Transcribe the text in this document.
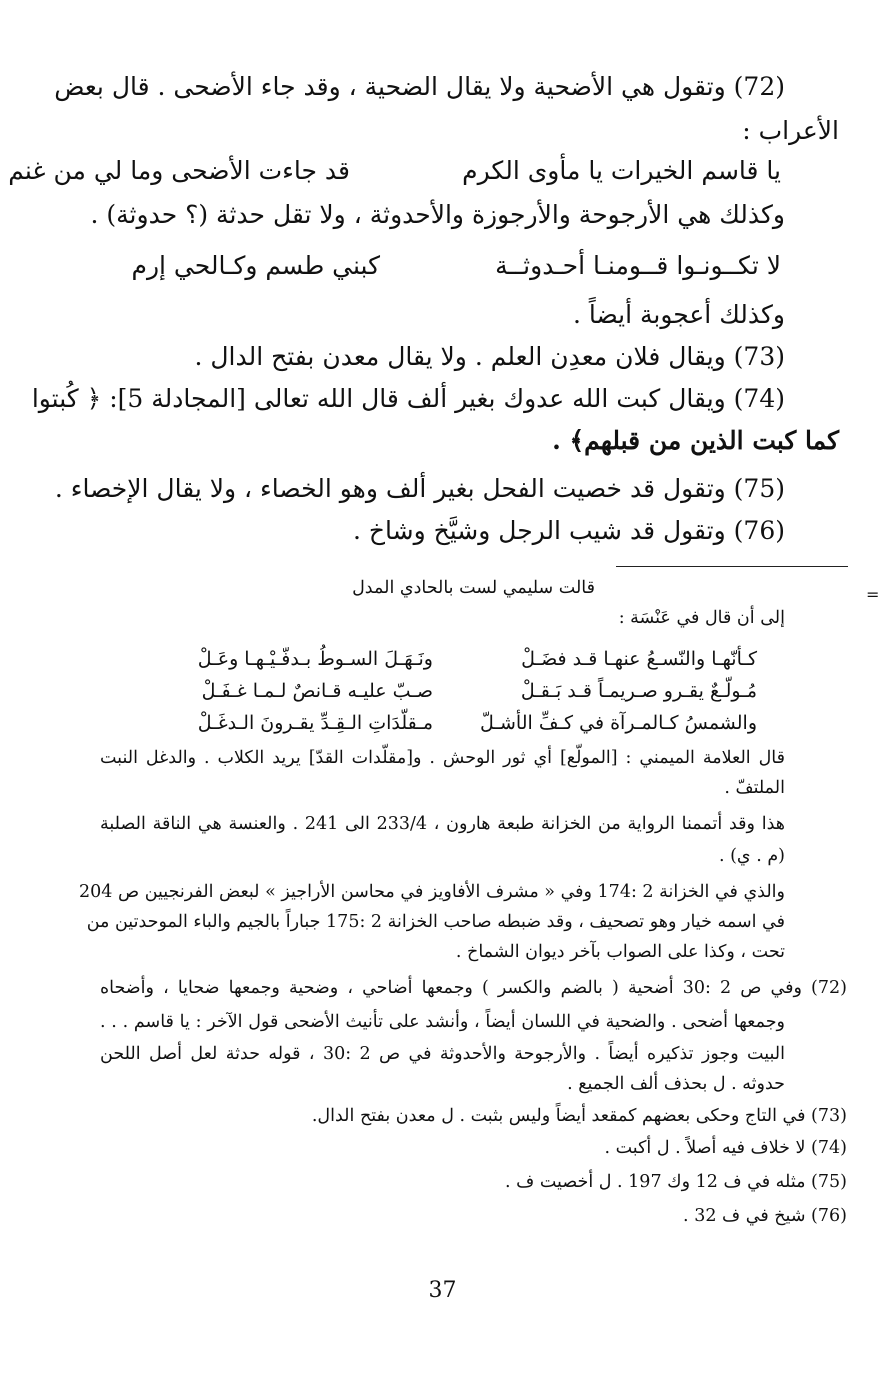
(72) وتقول هي الأضحية ولا يقال الضحية ، وقد جاء الأضحى . قال بعض
الأعراب :
يا قاسم الخيرات يا مأوى الكرم
قد جاءت الأضحى وما لي من غنم
وكذلك هي الأرجوحة والأرجوزة والأحدوثة ، ولا تقل حدثة (؟ حدوثة) .
لا تكــونـوا قــومنـا أحـدوثــة
كبني طسم وكـالحي إرم
وكذلك أعجوبة أيضاً .
(73) ويقال فلان معدِن العلم . ولا يقال معدن بفتح الدال .
(74) ويقال كبت الله عدوك بغير ألف قال الله تعالى [المجادلة 5]: ﴿ كُبتوا
كما كبت الذين من قبلهم﴾ .
(75) وتقول قد خصيت الفحل بغير ألف وهو الخصاء ، ولا يقال الإخصاء .
(76) وتقول قد شيب الرجل وشيَّخ وشاخ .
=
قالت سليمي لست بالحادي المدل
إلى أن قال في عَنْسَة :
كـأنّهـا والنّسـعُ عنهـا قـد فضَـلْ
ونَـهَـلَ السـوطُ بـدفّـيْـهـا وعَـلْ
مُـولّـعٌ يقـرو صـريمـاً قـد بَـقـلْ
صـبّ عليـه قـانصٌ لـمـا غـفَـلْ
والشمسُ كـالمـرآة في كـفِّ الأشـلّ
مـقلّدَاتِ الـقِـدِّ يقـرونَ الـدغَـلْ
قال العلامة الميمني : [المولّع] أي ثور الوحش . و[مقلّدات القدّ] يريد الكلاب . والدغل النبت
الملتفّ .
هذا وقد أتممنا الرواية من الخزانة طبعة هارون ، 233/4 الى 241 . والعنسة هي الناقة الصلبة
(م . ي) .
والذي في الخزانة 2 :174 وفي « مشرف الأفاويز في محاسن الأراجيز » لبعض الفرنجيين ص 204
في اسمه خيار وهو تصحيف ، وقد ضبطه صاحب الخزانة 2 :175 جباراً بالجيم والباء الموحدتين من
تحت ، وكذا على الصواب بآخر ديوان الشماخ .
(72) وفي ص 2 :30 أضحية ( بالضم والكسر ) وجمعها أضاحي ، وضحية وجمعها ضحايا ، وأضحاه
وجمعها أضحى . والضحية في اللسان أيضاً ، وأنشد على تأنيث الأضحى قول الآخر : يا قاسم . . .
البيت وجوز تذكيره أيضاً . والأرجوحة والأحدوثة في ص 2 :30 ، قوله حدثة لعل أصل اللحن
حدوثه . ل بحذف ألف الجميع .
(73) في التاج وحكى بعضهم كمقعد أيضاً وليس بثبت . ل معدن بفتح الدال.
(74) لا خلاف فيه أصلاً . ل أكبت .
(75) مثله في ف 12 وك 197 . ل أخصيت ف .
(76) شيخ في ف 32 .
37
